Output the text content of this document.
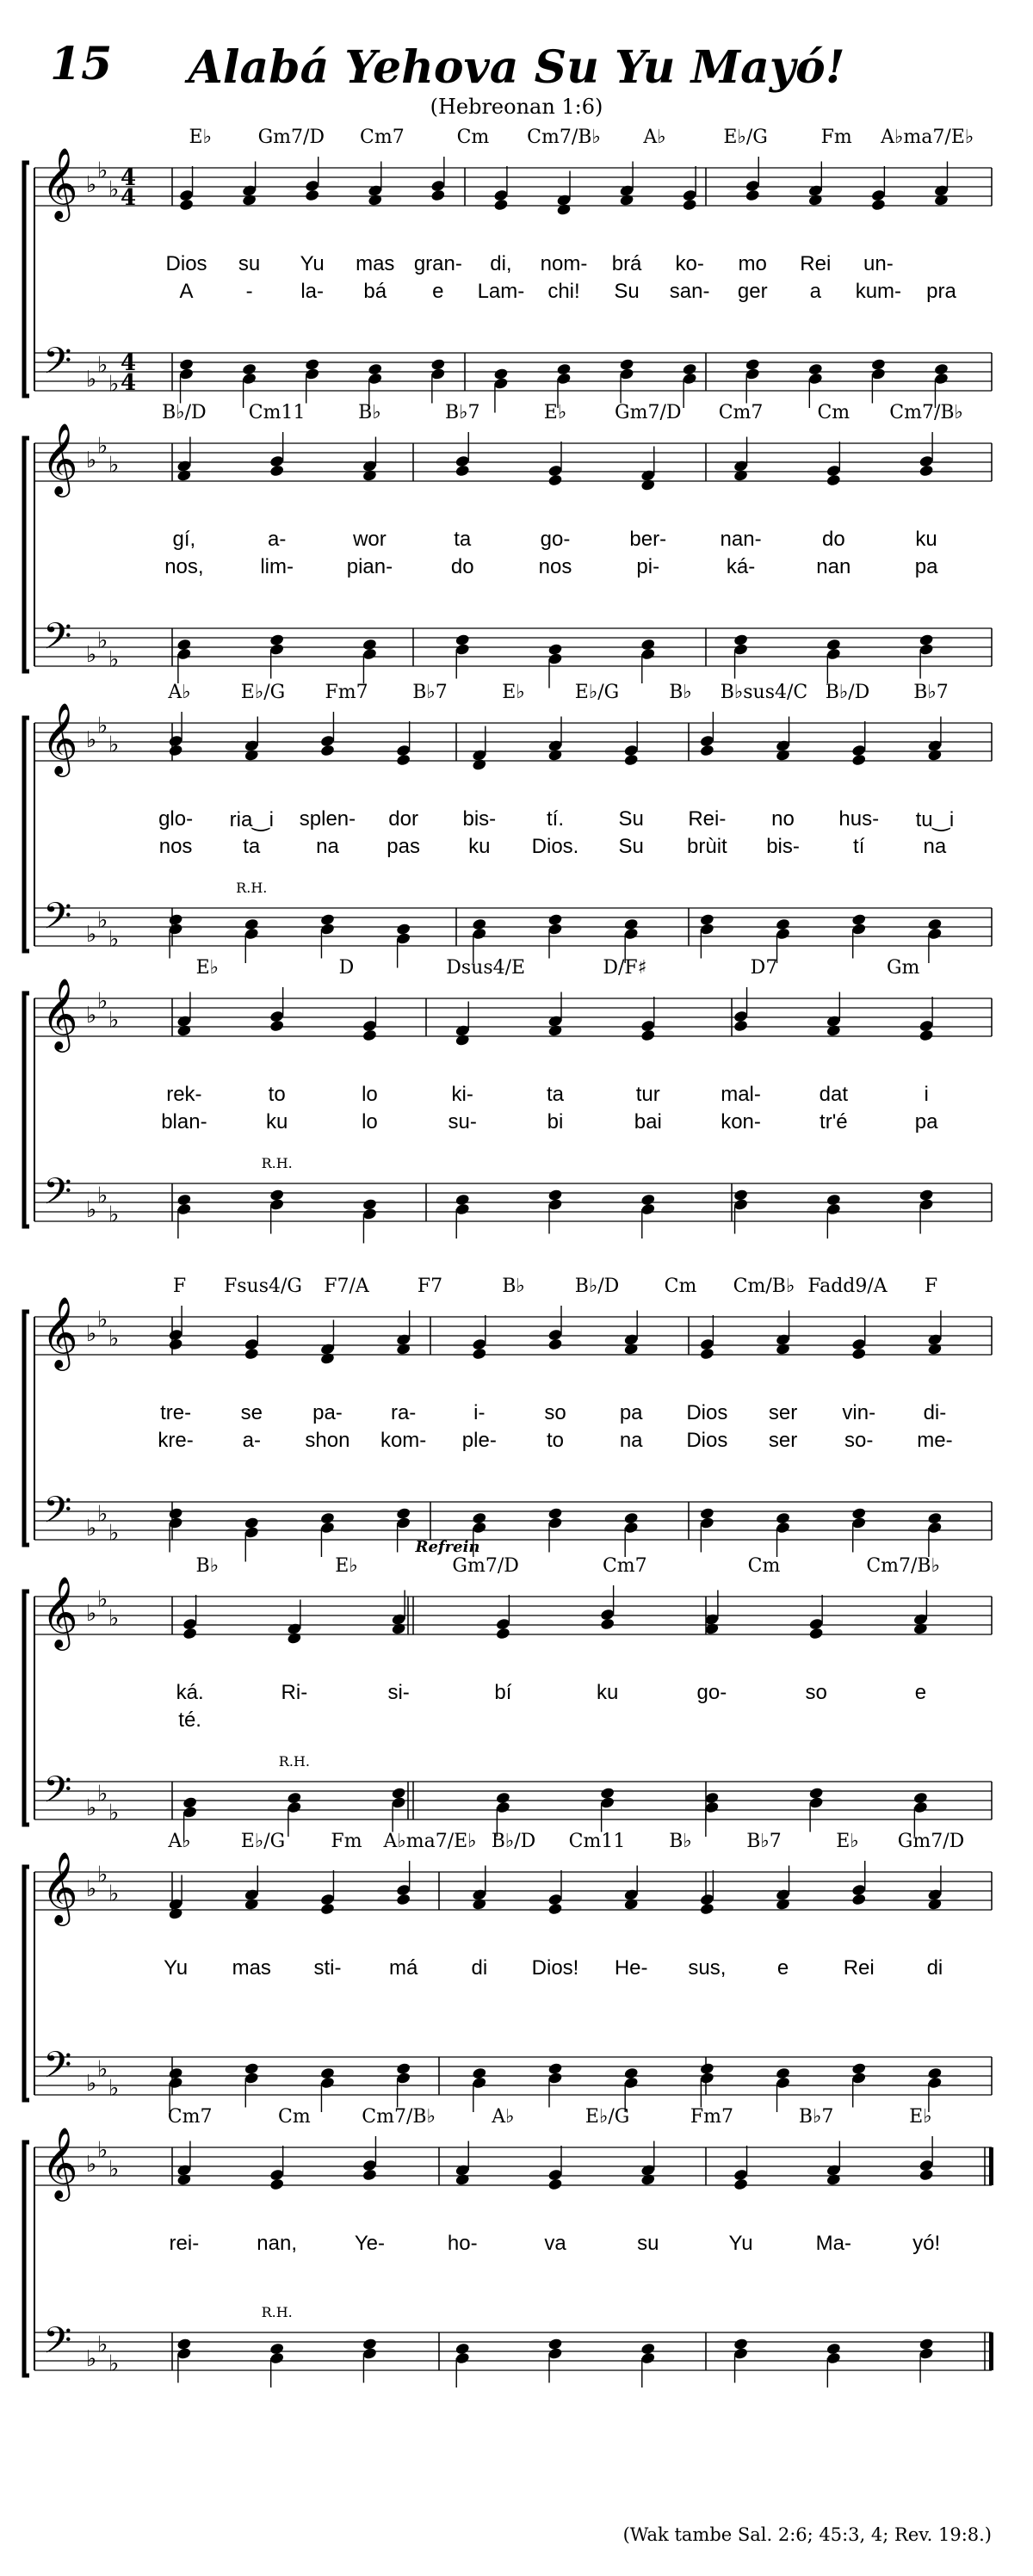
15	Alabá Yehova Su Yu Mayó!
(Hebreonan 1:6)
𝄞
𝄢
♭
♭
♭
♭
♭
♭
4
4
4
4
E♭ Gm7/D Cm7	Cm Cm7/B♭ A♭	E♭/G	Fm A♭ma7/E♭
Dios su Yu mas gran- di, nom- brá ko- mo Rei un-
A	- la- bá e Lam- chi! Su san- ger a kum- pra
𝄞
𝄢
♭
♭
♭
♭
♭
♭
B♭/D Cm11	B♭	B♭7	E♭	Gm7/D Cm7	Cm Cm7/B♭
gí,	a-	wor	ta	go-	ber-	nan-	do	ku
nos,	lim-	pian-	do	nos	pi-	ká-	nan	pa
𝄞
𝄢
♭
♭
♭
♭
♭
♭
A♭	E♭/G Fm7 B♭7	E♭	E♭/G	B♭ B♭sus4/C B♭/D B♭7
glo- ria‿i splen- dor bis- tí.	Su Rei- no hus- tu‿i
nos ta	na pas ku Dios. Su brùit bis-	tí	na
R.H.
𝄞
𝄢
♭
♭
♭
♭
♭
♭
E♭	D	Dsus4/E	D/F♯	D7	Gm
rek-	to	lo	ki-	ta	tur	mal-	dat	i
blan-	ku	lo	su-	bi	bai	kon-	tr'é	pa
R.H.
𝄞
𝄢
♭
♭
♭
♭
♭
♭
F Fsus4/G F7/A	F7	B♭	B♭/D Cm Cm/B♭ Fadd9/A F
tre- se pa- ra-	i-	so	pa Dios ser vin- di-
kre- a- shon kom- ple- to	na Dios ser so- me-
𝄞
𝄢
♭
♭
♭
♭
♭
♭
B♭	E♭	Gm7/D	Cm7	Cm	Cm7/B♭
ká.	Ri-	si-	bí	ku	go-	so	e
té.
Refrein
R.H.
𝄞
𝄢
♭
♭
♭
♭
♭
♭
A♭	E♭/G Fm A♭ma7/E♭ B♭/D Cm11 B♭	B♭7	E♭ Gm7/D
Yu mas sti- má	di Dios! He- sus, e	Rei	di
𝄞
𝄢
♭
♭
♭
♭
♭
♭
Cm7	Cm	Cm7/B♭	A♭	E♭/G	Fm7	B♭7	E♭
rei-	nan,	Ye-	ho-	va	su	Yu	Ma-	yó!
R.H.
(Wak tambe Sal. 2:6; 45:3, 4; Rev. 19:8.)
